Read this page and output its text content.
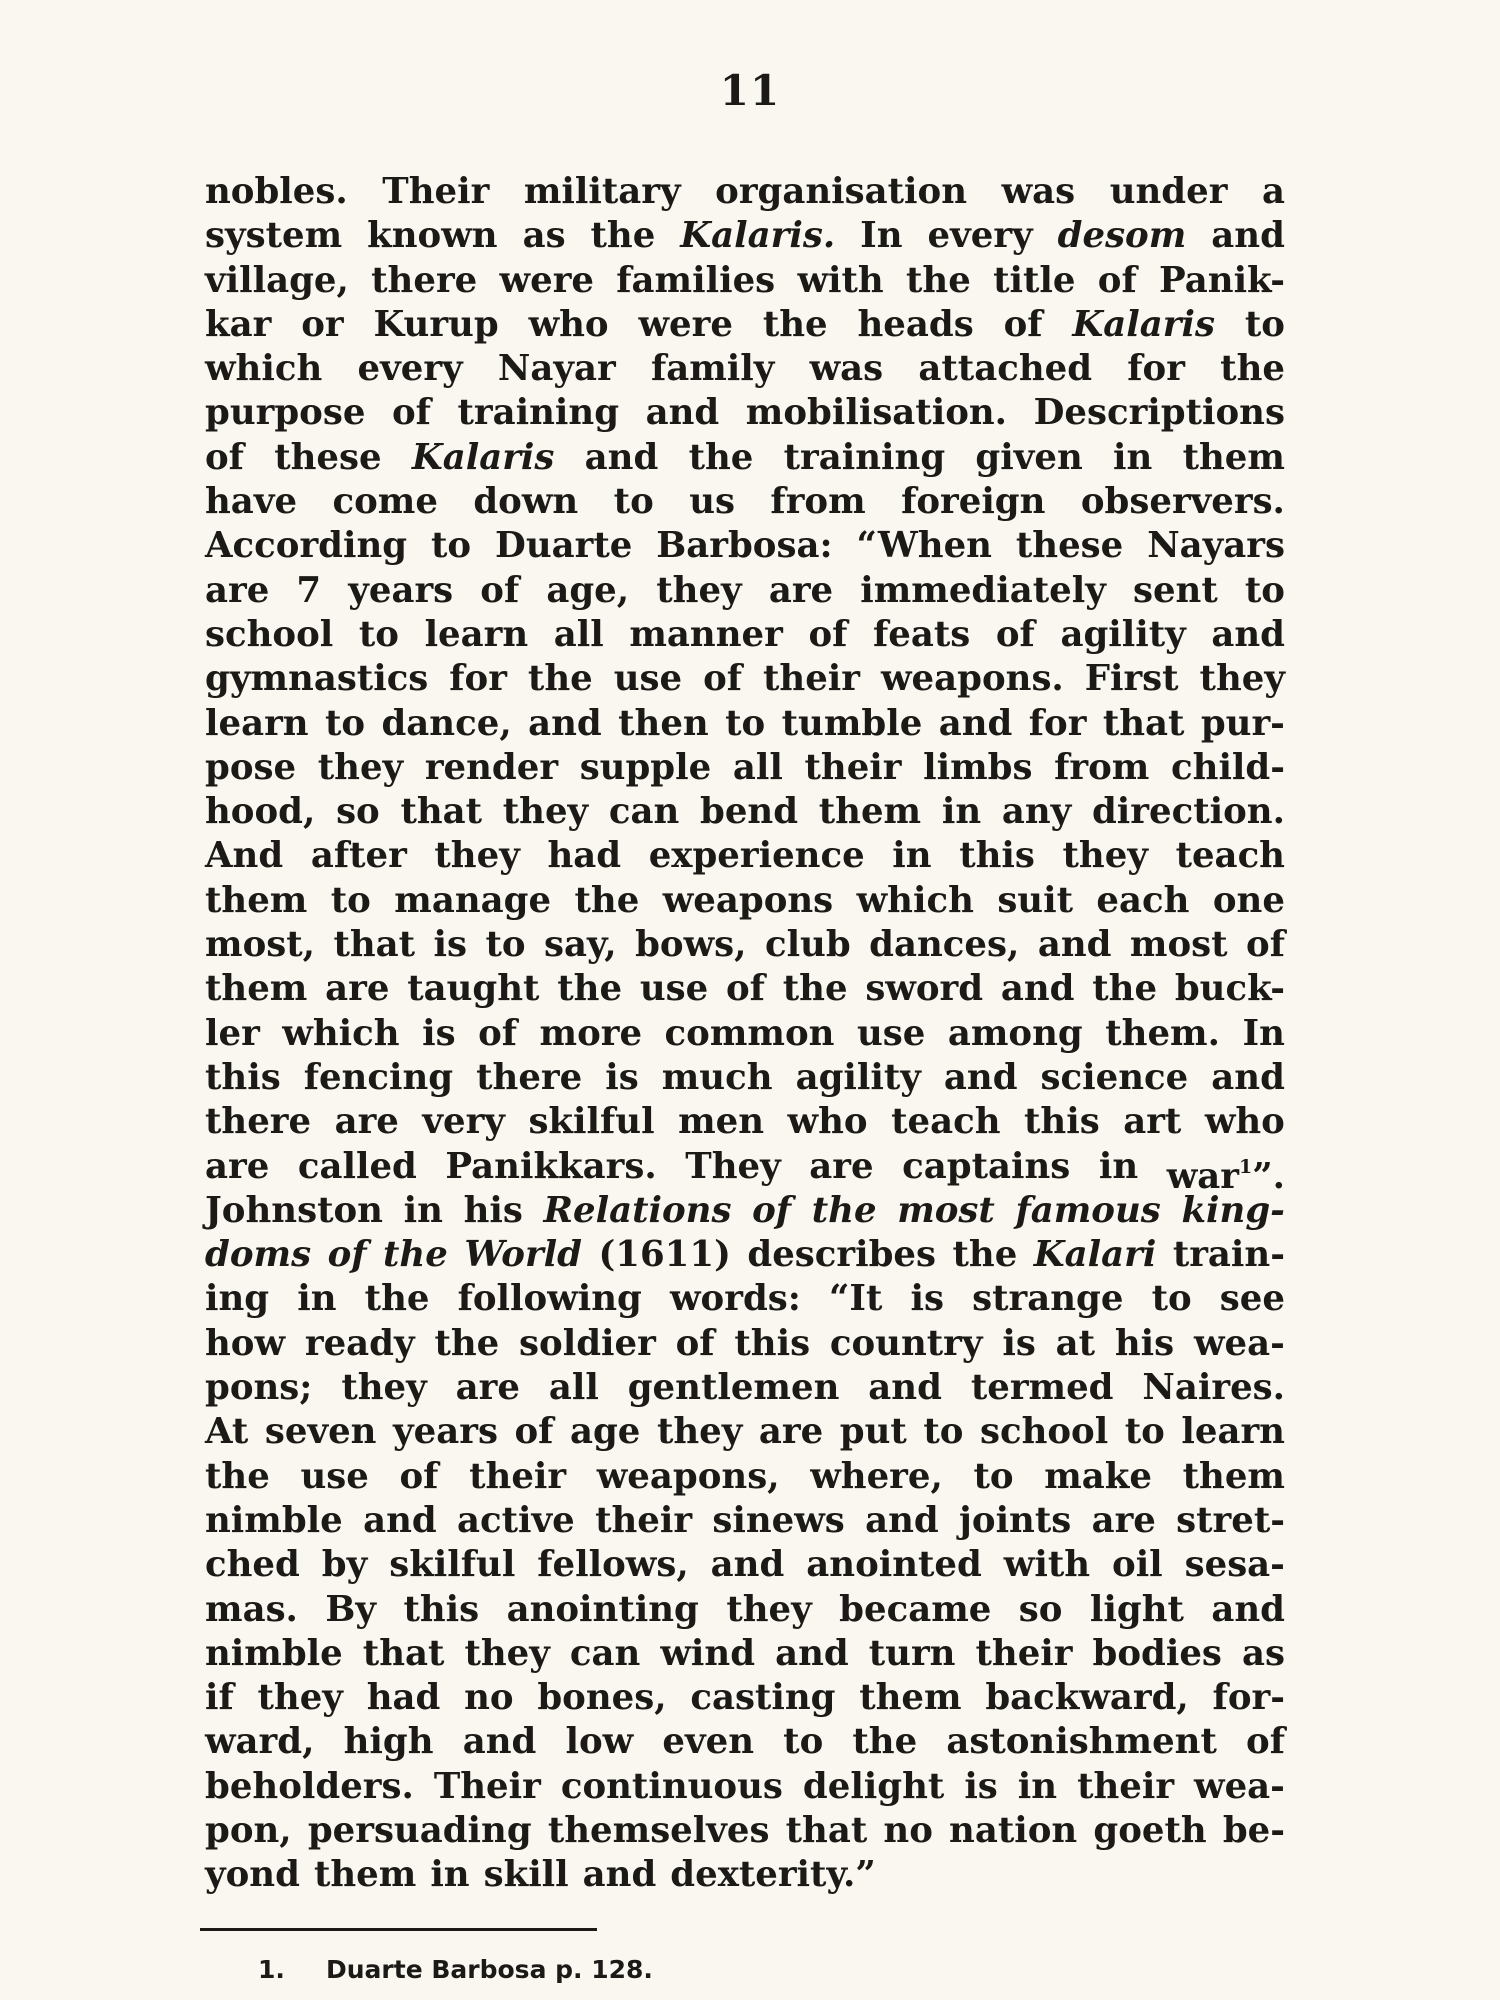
11
nobles. Their military organisation was under a
system known as the Kalaris. In every desom and
village, there were families with the title of Panik-
kar or Kurup who were the heads of Kalaris to
which every Nayar family was attached for the
purpose of training and mobilisation. Descriptions
of these Kalaris and the training given in them
have come down to us from foreign observers.
According to Duarte Barbosa: “When these Nayars
are 7 years of age, they are immediately sent to
school to learn all manner of feats of agility and
gymnastics for the use of their weapons. First they
learn to dance, and then to tumble and for that pur-
pose they render supple all their limbs from child-
hood, so that they can bend them in any direction.
And after they had experience in this they teach
them to manage the weapons which suit each one
most, that is to say, bows, club dances, and most of
them are taught the use of the sword and the buck-
ler which is of more common use among them. In
this fencing there is much agility and science and
there are very skilful men who teach this art who
are called Panikkars. They are captains in war$^1$”.
Johnston in his Relations of the most famous king-
doms of the World (1611) describes the Kalari train-
ing in the following words: “It is strange to see
how ready the soldier of this country is at his wea-
pons; they are all gentlemen and termed Naires.
At seven years of age they are put to school to learn
the use of their weapons, where, to make them
nimble and active their sinews and joints are stret-
ched by skilful fellows, and anointed with oil sesa-
mas. By this anointing they became so light and
nimble that they can wind and turn their bodies as
if they had no bones, casting them backward, for-
ward, high and low even to the astonishment of
beholders. Their continuous delight is in their wea-
pon, persuading themselves that no nation goeth be-
yond them in skill and dexterity.”
1. Duarte Barbosa p. 128.
